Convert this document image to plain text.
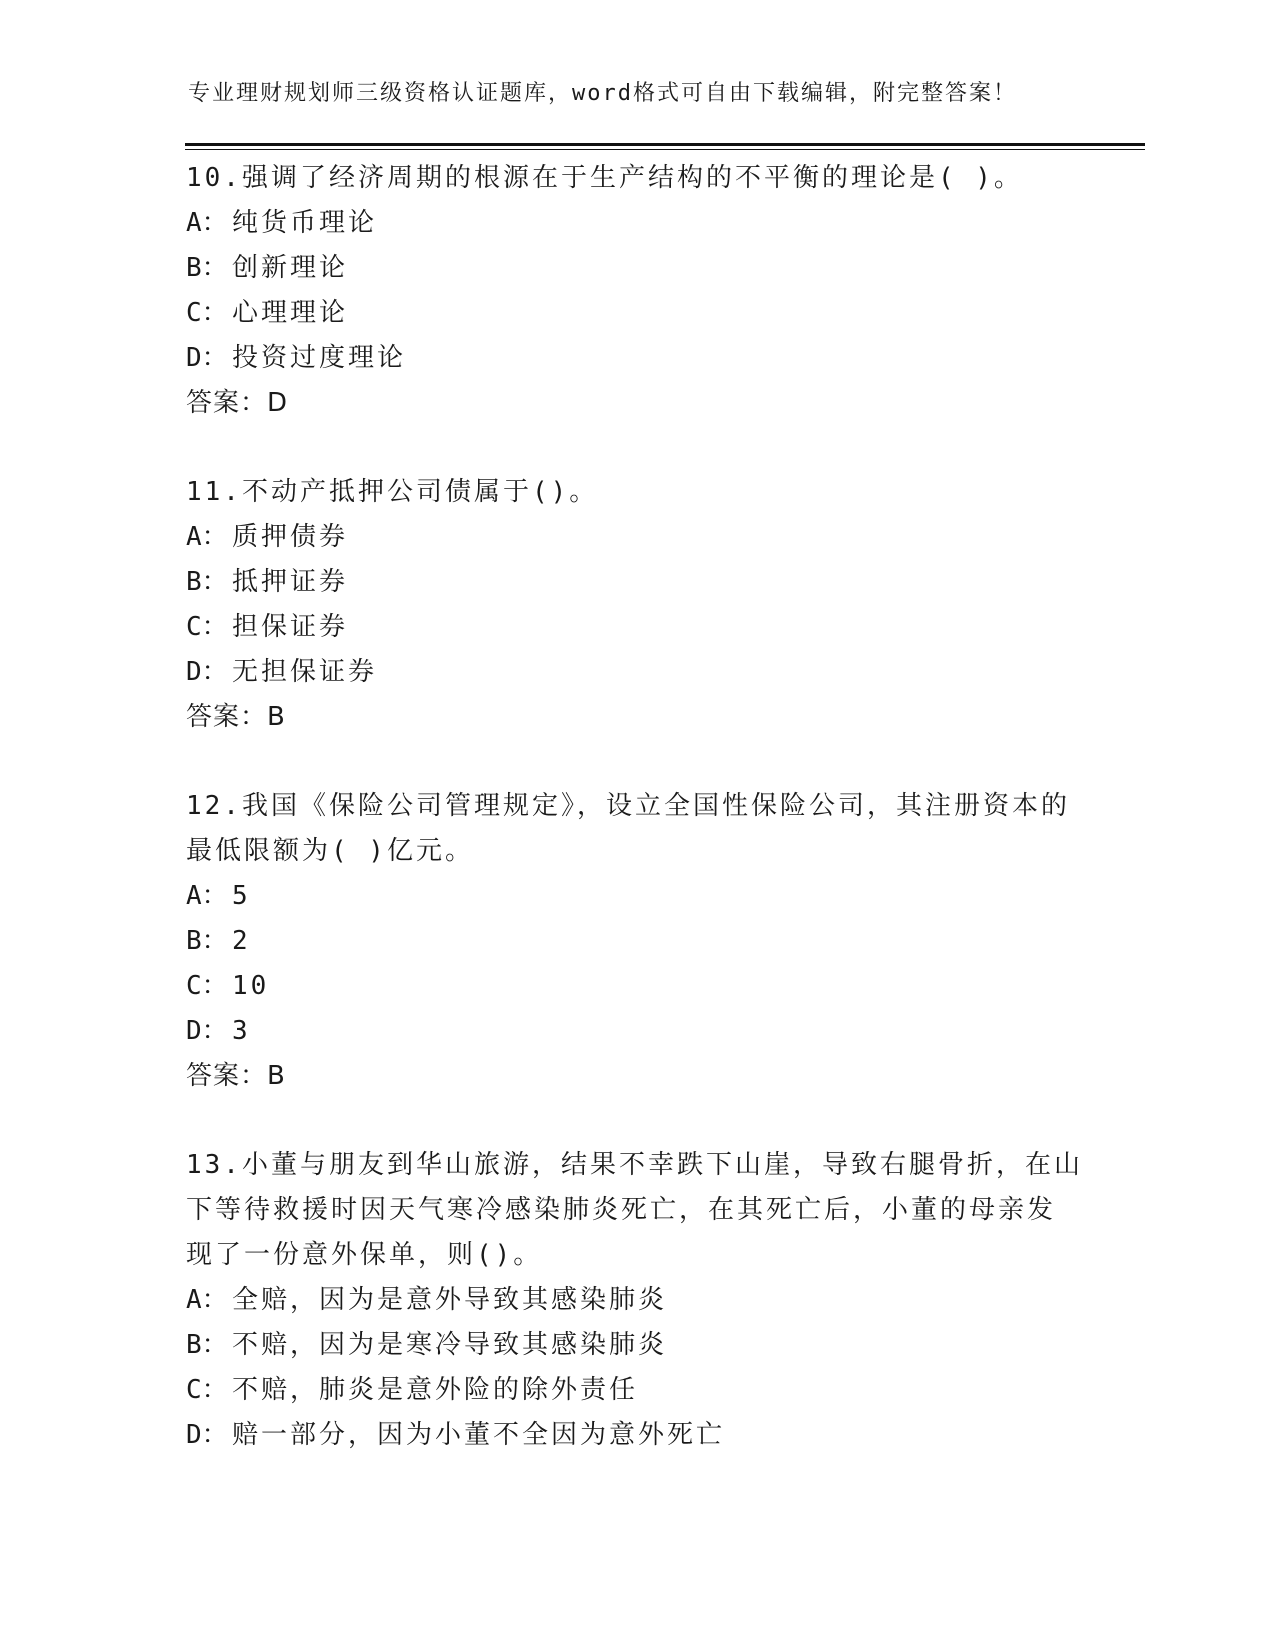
专业理财规划师三级资格认证题库，word格式可自由下载编辑，附完整答案！
10.强调了经济周期的根源在于生产结构的不平衡的理论是( )。
A： 纯货币理论
B： 创新理论
C： 心理理论
D： 投资过度理论
答案：D
11.不动产抵押公司债属于()。
A： 质押债券
B： 抵押证券
C： 担保证券
D： 无担保证券
答案：B
12.我国《保险公司管理规定》，设立全国性保险公司，其注册资本的
最低限额为( )亿元。
A： 5
B： 2
C： 10
D： 3
答案：B
13.小董与朋友到华山旅游，结果不幸跌下山崖，导致右腿骨折，在山
下等待救援时因天气寒冷感染肺炎死亡，在其死亡后，小董的母亲发
现了一份意外保单，则()。
A： 全赔，因为是意外导致其感染肺炎
B： 不赔，因为是寒冷导致其感染肺炎
C： 不赔，肺炎是意外险的除外责任
D： 赔一部分，因为小董不全因为意外死亡
